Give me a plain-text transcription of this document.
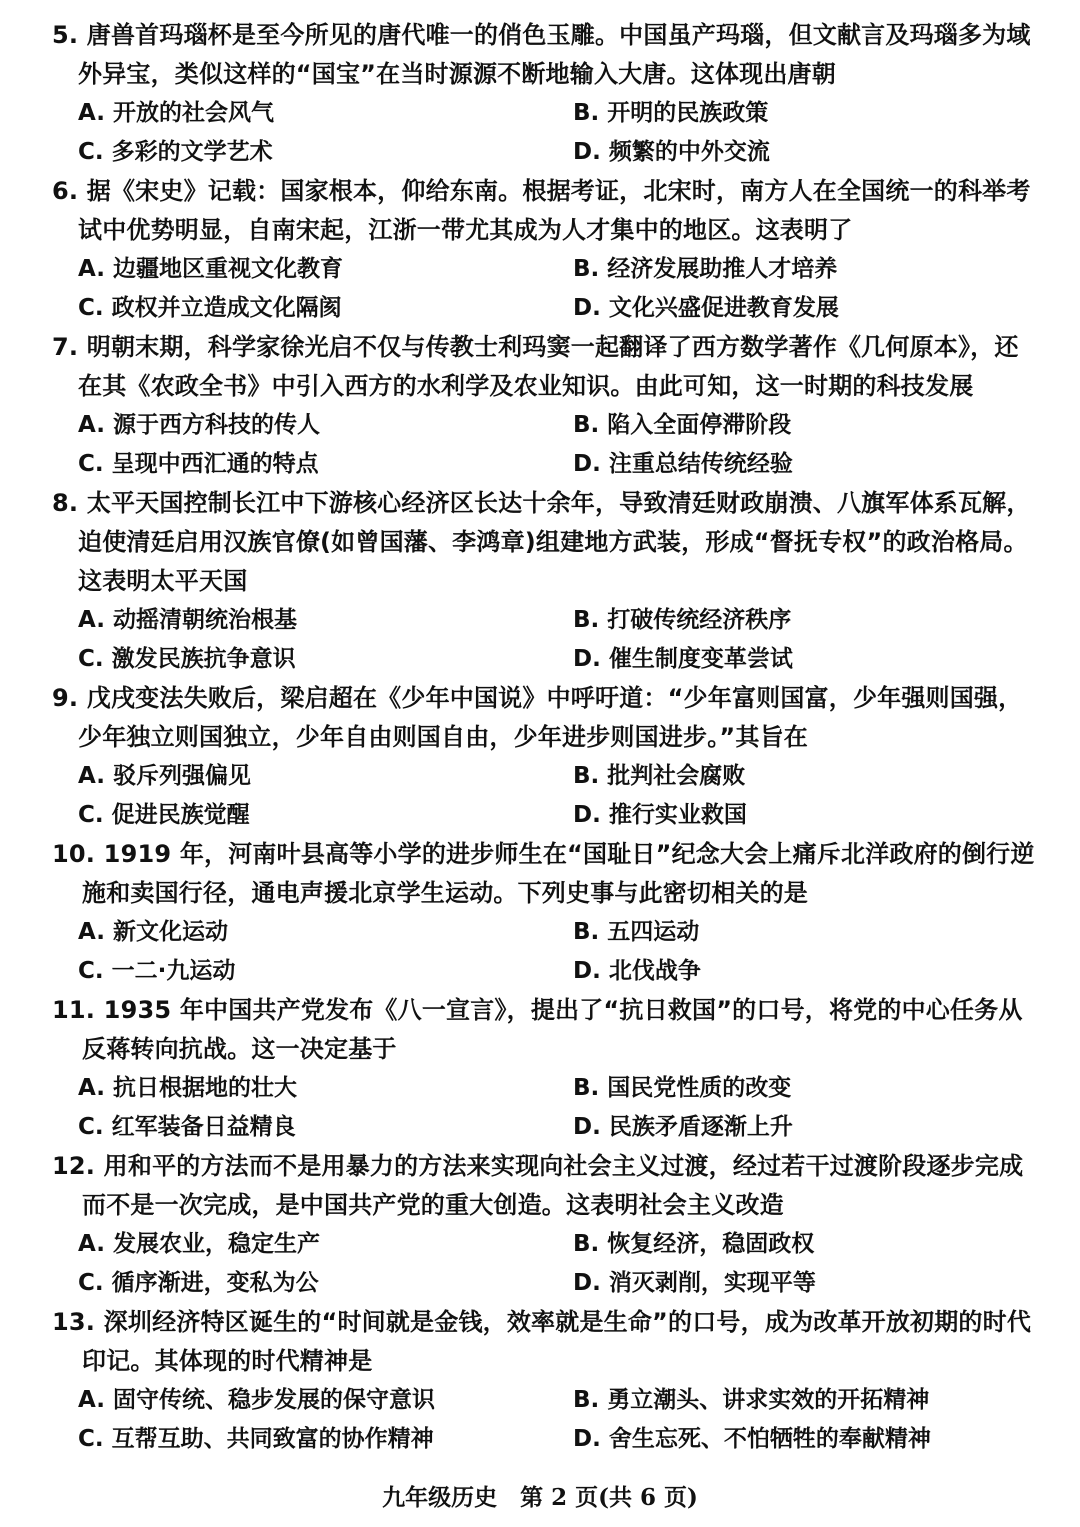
5. 唐兽首玛瑙杯是至今所见的唐代唯一的俏色玉雕。中国虽产玛瑙，但文献言及玛瑙多为域外异宝，类似这样的“国宝”在当时源源不断地输入大唐。这体现出唐朝

A. 开放的社会风气	B. 开明的民族政策
C. 多彩的文学艺术	D. 频繁的中外交流

6. 据《宋史》记载：国家根本，仰给东南。根据考证，北宋时，南方人在全国统一的科举考试中优势明显，自南宋起，江浙一带尤其成为人才集中的地区。这表明了

A. 边疆地区重视文化教育	B. 经济发展助推人才培养
C. 政权并立造成文化隔阂	D. 文化兴盛促进教育发展

7. 明朝末期，科学家徐光启不仅与传教士利玛窦一起翻译了西方数学著作《几何原本》，还在其《农政全书》中引入西方的水利学及农业知识。由此可知，这一时期的科技发展

A. 源于西方科技的传人	B. 陷入全面停滞阶段
C. 呈现中西汇通的特点	D. 注重总结传统经验

8. 太平天国控制长江中下游核心经济区长达十余年，导致清廷财政崩溃、八旗军体系瓦解，迫使清廷启用汉族官僚(如曾国藩、李鸿章)组建地方武装，形成“督抚专权”的政治格局。这表明太平天国

A. 动摇清朝统治根基	B. 打破传统经济秩序
C. 激发民族抗争意识	D. 催生制度变革尝试

9. 戊戌变法失败后，梁启超在《少年中国说》中呼吁道：“少年富则国富，少年强则国强，少年独立则国独立，少年自由则国自由，少年进步则国进步。”其旨在

A. 驳斥列强偏见	B. 批判社会腐败
C. 促进民族觉醒	D. 推行实业救国

10. 1919 年，河南叶县高等小学的进步师生在“国耻日”纪念大会上痛斥北洋政府的倒行逆施和卖国行径，通电声援北京学生运动。下列史事与此密切相关的是

A. 新文化运动	B. 五四运动
C. 一二·九运动	D. 北伐战争

11. 1935 年中国共产党发布《八一宣言》，提出了“抗日救国”的口号，将党的中心任务从反蒋转向抗战。这一决定基于

A. 抗日根据地的壮大	B. 国民党性质的改变
C. 红军装备日益精良	D. 民族矛盾逐渐上升

12. 用和平的方法而不是用暴力的方法来实现向社会主义过渡，经过若干过渡阶段逐步完成而不是一次完成，是中国共产党的重大创造。这表明社会主义改造

A. 发展农业，稳定生产	B. 恢复经济，稳固政权
C. 循序渐进，变私为公	D. 消灭剥削，实现平等

13. 深圳经济特区诞生的“时间就是金钱，效率就是生命”的口号，成为改革开放初期的时代印记。其体现的时代精神是

A. 固守传统、稳步发展的保守意识	B. 勇立潮头、讲求实效的开拓精神
C. 互帮互助、共同致富的协作精神	D. 舍生忘死、不怕牺牲的奉献精神
九年级历史　第 2 页(共 6 页)
